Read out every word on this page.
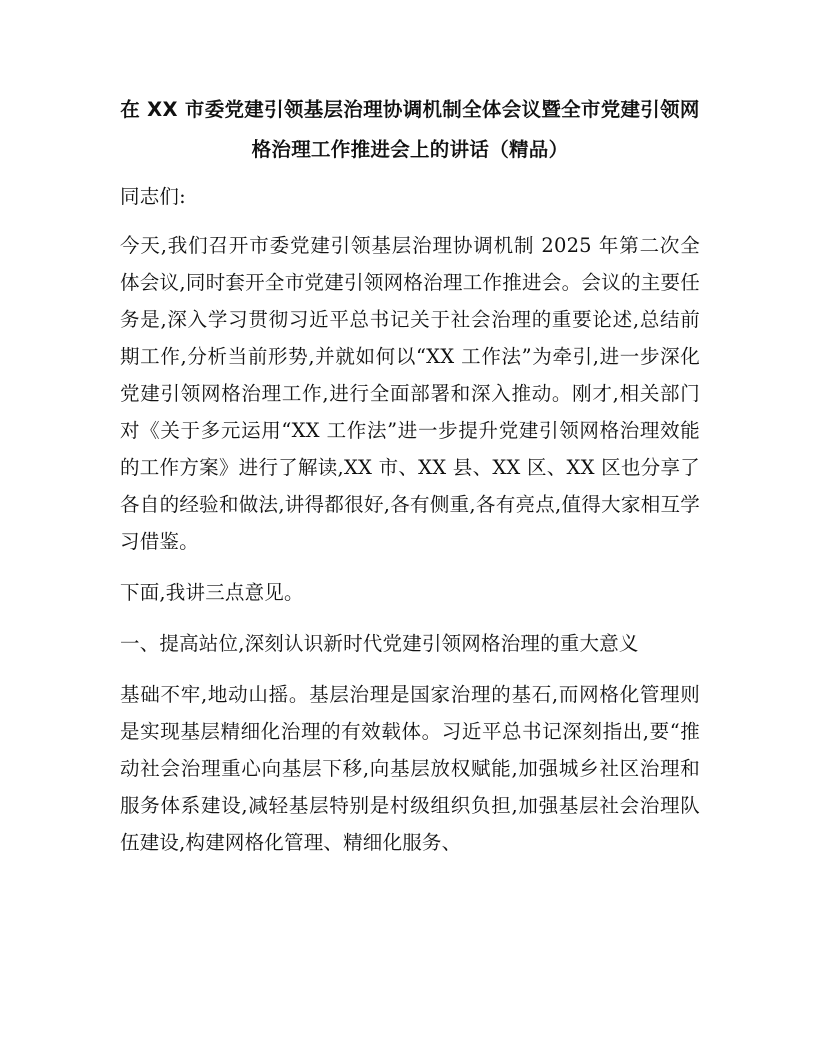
在 XX 市委党建引领基层治理协调机制全体会议暨全市党建引领网格治理工作推进会上的讲话（精品）

同志们:

今天,我们召开市委党建引领基层治理协调机制 2025 年第二次全体会议,同时套开全市党建引领网格治理工作推进会。会议的主要任务是,深入学习贯彻习近平总书记关于社会治理的重要论述,总结前期工作,分析当前形势,并就如何以“XX 工作法”为牵引,进一步深化党建引领网格治理工作,进行全面部署和深入推动。刚才,相关部门对《关于多元运用“XX 工作法”进一步提升党建引领网格治理效能的工作方案》进行了解读,XX 市、XX 县、XX 区、XX 区也分享了各自的经验和做法,讲得都很好,各有侧重,各有亮点,值得大家相互学习借鉴。

下面,我讲三点意见。

一、提高站位,深刻认识新时代党建引领网格治理的重大意义

基础不牢,地动山摇。基层治理是国家治理的基石,而网格化管理则是实现基层精细化治理的有效载体。习近平总书记深刻指出,要“推动社会治理重心向基层下移,向基层放权赋能,加强城乡社区治理和服务体系建设,减轻基层特别是村级组织负担,加强基层社会治理队伍建设,构建网格化管理、精细化服务、
